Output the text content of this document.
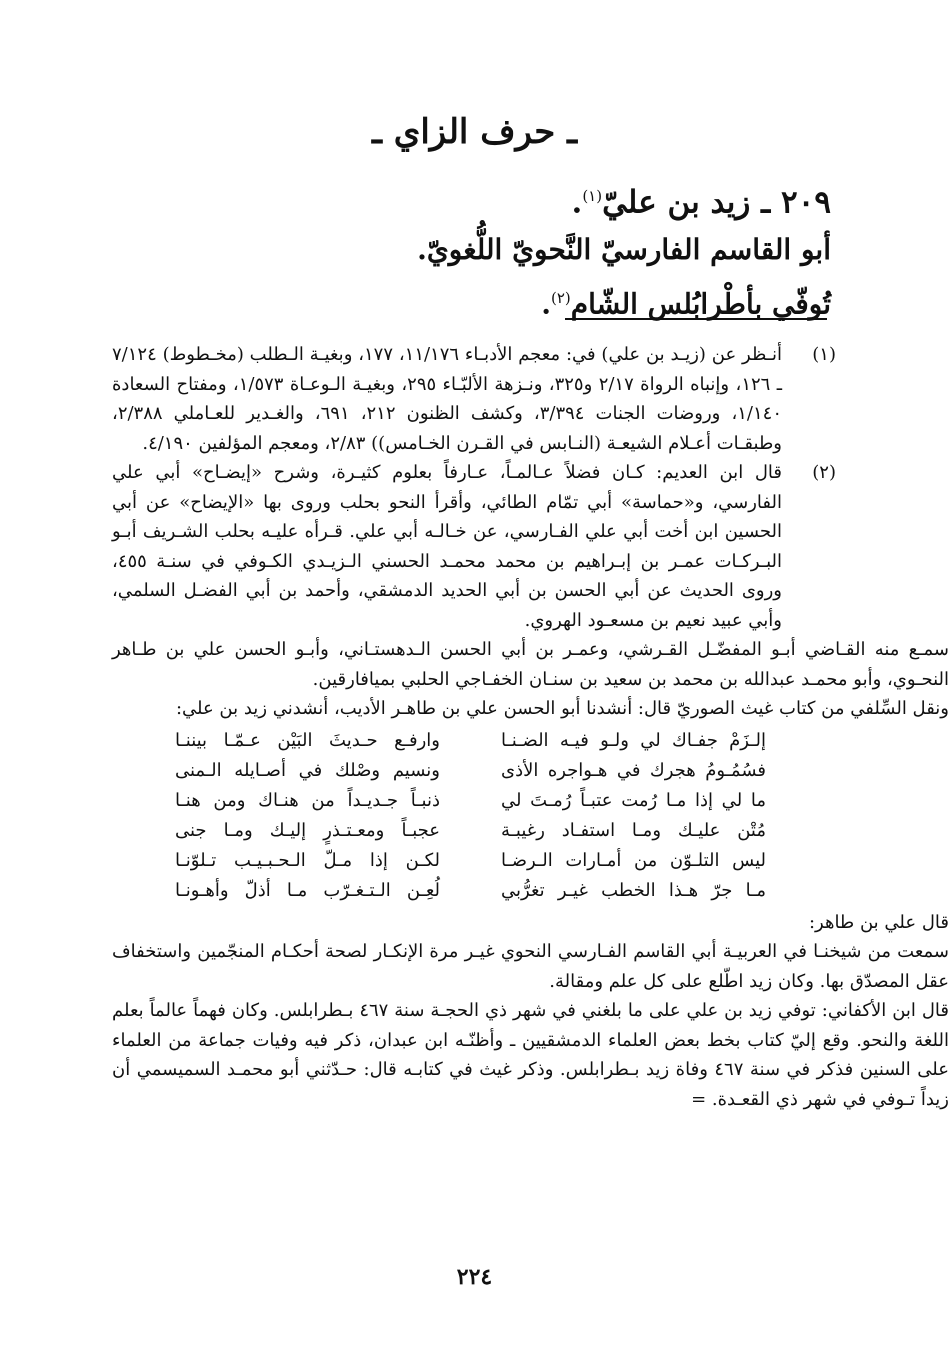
ـ حرف الزاي ـ
٢٠٩ ـ زيد بن عليّ$^{(١)}$.
أبو القاسم الفارسيّ النَّحويّ اللُّغويّ.
تُوفّي بأطْرابُلس الشّام$^{(٢)}$.
(١)

أنـظر عن (زيـد بن علي) في: معجم الأدبـاء ١١/١٧٦، ١٧٧، وبغيـة الـطلب (مخـطوط) ٧/١٢٤ ـ ١٢٦، وإنباه الرواة ٢/١٧ و٣٢٥، ونـزهة الألبّـاء ٢٩٥، وبغيـة الـوعـاة ١/٥٧٣، ومفتاح السعادة ١/١٤٠، وروضات الجنات ٣/٣٩٤، وكشف الظنون ٢١٢، ٦٩١، والغـدير للعـاملي ٢/٣٨٨، وطبقـات أعـلام الشيعـة (النـابس في القـرن الخـامس)) ٢/٨٣، ومعجم المؤلفين ٤/١٩٠.

(٢)

قال ابن العديم: كـان فضلاً عـالمـاً، عـارفاً بعلوم كثيـرة، وشرح «إيضـاح» أبي علي الفارسي، و«حماسة» أبي تمّام الطائي، وأقرأ النحو بحلب وروى بها «الإيضاح» عن أبي الحسين ابن أخت أبي علي الفـارسي، عن خـالـه أبي علي. قـرأه عليـه بحلب الشـريف أبـو البـركـات عمـر بن إبـراهيم بن محمد محمـد الحسني الـزيـدي الكـوفي في سنـة ٤٥٥، وروى الحديث عن أبي الحسن بن أبي الحديد الدمشقي، وأحمد بن أبي الفضـل السلمي، وأبي عبيد نعيم بن مسعـود الهروي.

سمـع منه القـاضي أبـو المفضّـل القـرشي، وعمـر بن أبي الحسن الـدهستـاني، وأبـو الحسن علي بن طـاهر النحـوي، وأبو محمـد عبدالله بن محمد بن سعيد بن سنـان الخفـاجي الحلبي بميافارقين.

ونقل السِّلفي من كتاب غيث الصوريّ قال: أنشدنا أبو الحسن علي بن طاهـر الأديب، أنشدني زيد بن علي:

إلـزَمْ جفـاك لي ولـو فيـه الضـنـا
وارفـع حـديثَ البَيْن عـمّـا بيننـا
فسُمُـومُ هجرك في هـواجره الأذى
ونسيم وصْلك في أصـايله الـمنى
ما لي إذا مـا رُمت عتبـاً رُمـتَ لي
ذنبـاً جـديـداً من هنـاك ومن هنـا
مُتْن عليـك ومـا استفـاد رغيبـة
عجبـاً ومعـتـذرٍ إليـك ومـا جنى
ليس التلـوّن من أمـارات الـرضـا
لكـن إذا مـلّ الـحـبـيـب تـلوّنـا
مـا جرّ هـذا الخطب غيـر تغرُّبي
لُعِـن الـتـغـرّب مـا أذلّ وأهـونـا

قال علي بن طاهر:

سمعت من شيخنـا في العربيـة أبي القاسم الفـارسي النحوي غيـر مرة الإنكـار لصحة أحكـام المنجّمين واستخفاف عقل المصدّق بها. وكان زيد اطّلع على كل علم ومقالة.

قال ابن الأكفاني: توفي زيد بن علي على ما بلغني في شهر ذي الحجـة سنة ٤٦٧ بـطرابلس. وكان فهماً عالماً بعلم اللغة والنحو. وقع إليّ كتاب بخط بعض العلماء الدمشقيين ـ وأظنّـه ابن عبدان، ذكر فيه وفيات جماعة من العلماء على السنين فذكر في سنة ٤٦٧ وفاة زيد بـطرابلس. وذكر غيث في كتابـه قال: حـدّثني أبو محمـد السميسمي أن زيداً تـوفي في شهر ذي القعـدة. =

٢٢٤
